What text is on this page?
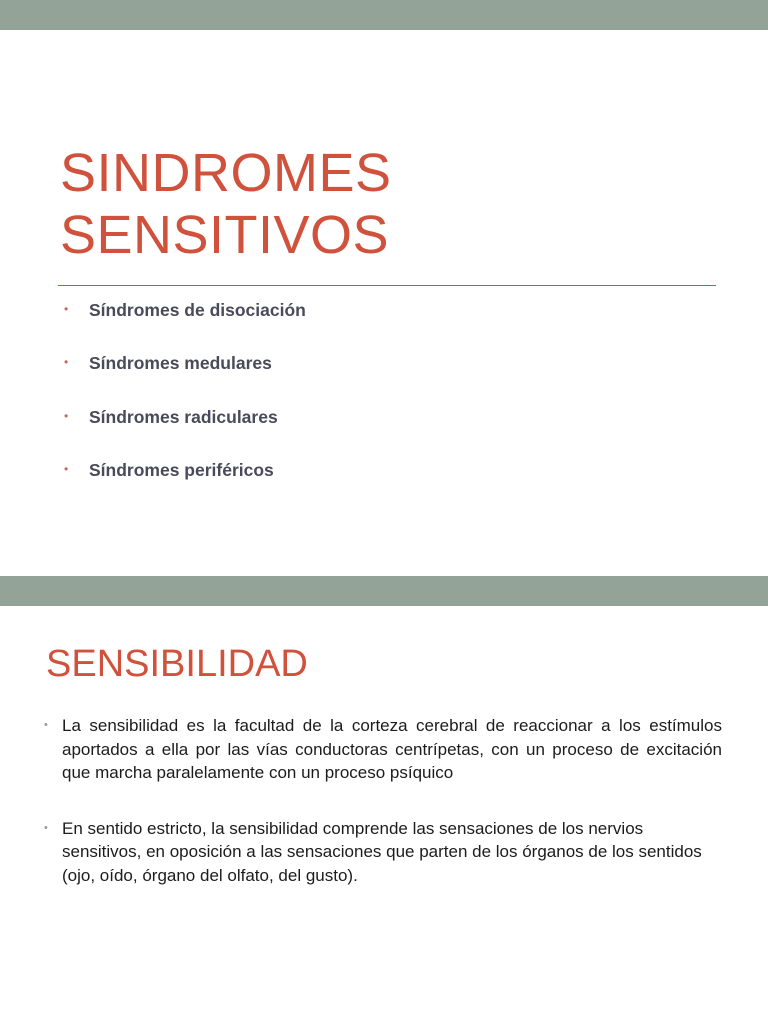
SINDROMES
SENSITIVOS
• Síndromes de disociación
• Síndromes medulares
• Síndromes radiculares
• Síndromes periféricos
SENSIBILIDAD
• La sensibilidad es la facultad de la corteza cerebral de reaccionar a los estímulos aportados a ella por las vías conductoras centrípetas, con un proceso de excitación que marcha paralelamente con un proceso psíquico
• En sentido estricto, la sensibilidad comprende las sensaciones de los nervios sensitivos, en oposición a las sensaciones que parten de los órganos de los sentidos (ojo, oído, órgano del olfato, del gusto).
